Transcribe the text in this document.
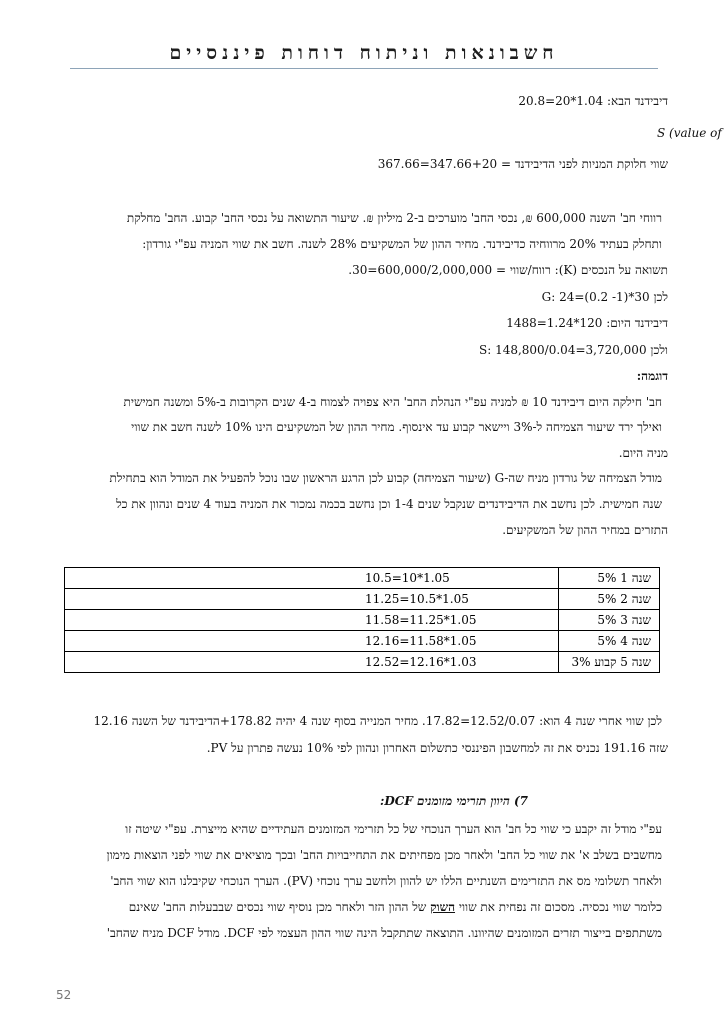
חשבונאות וניתוח דוחות פיננסיים
דיבידנד הבא: 1.04*20=20.8
S (value of
שווי חלוקת המניות לפני הדיבידנד = 347.66+20=367.66
רווחי חב' השנה 600,000 ₪, נכסי החב' מוערכים ב-2 מיליון ₪. שיעור התשואה על נכסי החב' קבוע. החב' מחלקת
ותחלק בעתיד 20% מרווחיה כדיבידנד. מחיר ההון של המשקיעים 28% לשנה. חשב את שווי המניה עפ"י גורדון:
תשואה על הנכסים (K): רווח/שווי = 600,000/2,000,000=30.
לכן G: 24=(0.2 -1)*30
דיבידנד היום: 120*1.24=1488
ולכן S: 148,800/0.04=3,720,000
דוגמה:
חב' חילקה היום דיבידנד 10 ₪ למניה עפ"י הנהלת החב' היא צפויה לצמוח ב-4 שנים הקרובות ב-5% ומשנה חמישית
ואילך ירד שיעור הצמיחה ל-3% ויישאר קבוע עד אינסוף. מחיר ההון של המשקיעים הינו 10% לשנה חשב את שווי
מניה היום.
מודל הצמיחה של גורדון מניח שה-G (שיעור הצמיחה) קבוע לכן הרגע הראשון שבו נוכל להפעיל את המודל הוא בתחילת
שנה חמישית. לכן נחשב את הדיבידנדים שנקבל שנים 1-4 וכן נחשב בכמה נמכור את המניה בעוד 4 שנים ונהוון את כל
התזרים במחיר ההון של המשקיעים.
שנה 1 5%	1.05*10=10.5
שנה 2 5%	1.05*10.5=11.25
שנה 3 5%	1.05*11.25=11.58
שנה 4 5%	1.05*11.58=12.16
שנה 5 קבוע 3%	1.03*12.16=12.52
לכן שווי אחרי שנה 4 הוא: 12.52/0.07=17.82. מחיר המנייה בסוף שנה 4 יהיה 178.82+הדיבידנד של השנה 12.16
שזה 191.16 נכניס את זה למחשבון הפיננסי כתשלום האחרון ונהוון לפי 10% נעשה פתרון על PV.
7) היוון תזרימי מזומנים DCF:
עפ"י מודל זה יקבע כי שווי כל חב' הוא הערך הנוכחי של כל תזרימי המזומנים העתידיים שהיא מייצרת. עפ"י שיטה זו
מחשבים בשלב א' את שווי כל החב' ולאחר מכן מפחיתים את התחייבויות החב' ובכך מוציאים את שווי לפני הוצאות מימון
ולאחר תשלומי מס את התזרימים השנתיים הללו יש להוון ולחשב ערך נוכחי (PV). הערך הנוכחי שקיבלנו הוא שווי החב'
כלומר שווי נכסיה. מסכום זה נפחית את שווי השוק של ההון הזר ולאחר מכן נוסיף שווי נכסים שבבעלות החב' שאינם
משתתפים בייצור תזרים המזומנים שהיוונו. התוצאה שתתקבל הינה שווי ההון העצמי לפי DCF. מודל DCF מניח שהחב'
52
